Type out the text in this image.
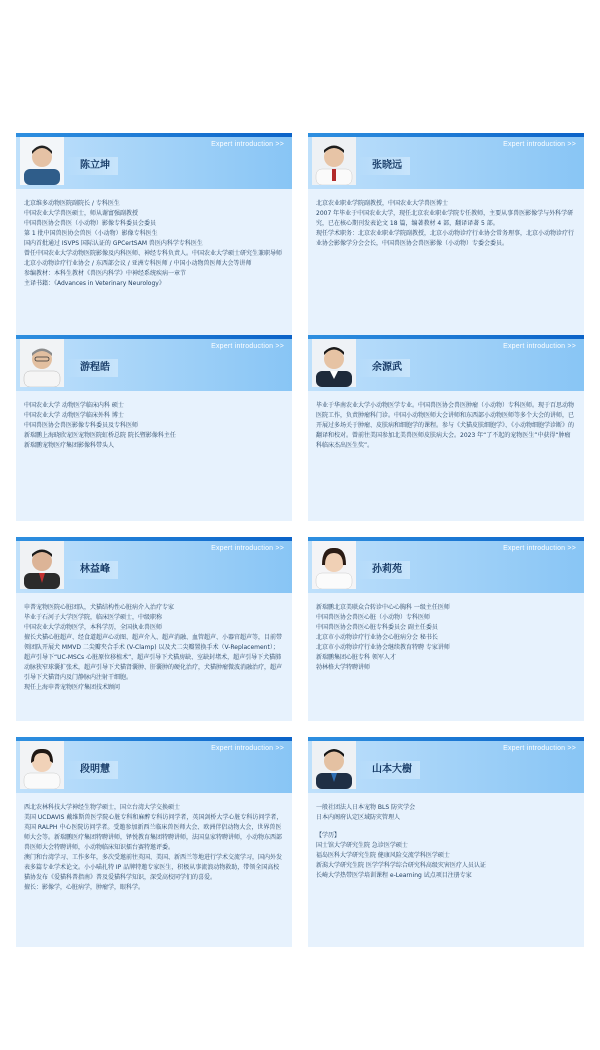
Expert introduction >>
陈立坤
北京维多动物医院副院长 / 专科医生
中国农业大学兽医硕士，师从谢富强副教授
中国兽医协会兽医（小动物）影像专科委员会委员
第 1 批中国兽医协会兽医（小动物）影像专科医生
国内首批通过 ISVPS 国际认证的 GPCertSAM 兽医内科学专科医生
曾任中国农业大学动物医院影像及内科医师、神经专科负责人。中国农业大学硕士研究生兼职导师北京小动物诊疗行业协会 / 东西部会议 / 亚洲专科医师 / 中国小动物兽医师大会等讲师
参编教材：本科生教材《兽医内科学》中神经系统疾病一章节
主译书籍：《Advances in Veterinary Neurology》
Expert introduction >>
张晓远
北京农业职业学院副教授，中国农业大学兽医博士
2007 年毕业于中国农业大学，现任北京农业职业学院专任教师，主要从事兽医影像学与外科学研究，已在核心期刊发表论文 18 篇，编著教材 4 部，翻译译著 5 部。
现任学术职务：北京农业职业学院副教授，北京小动物诊疗行业协会常务理事，北京小动物诊疗行业协会影像学分会会长，中国兽医协会兽医影像（小动物）专委会委员。
Expert introduction >>
游程皓
中国农业大学 动物医学临床内科 硕士
中国农业大学 动物医学临床外科 博士
中国兽医协会兽医影像专科委员及专科医师
新瑞鹏上海晓欣宠医宠物医院虹桥总院 院长暨影像科主任
新瑞鹏宠物医疗集团影像科带头人
Expert introduction >>
余源武
毕业于华南农业大学小动物医学专业。中国兽医协会兽医肿瘤（小动物）专科医师。现于百思动物医院工作，负责肿瘤科门诊。中国小动物医师大会讲师和东西部小动物医师等多个大会的讲师，已开展过多场关于肿瘤、皮肤病和细胞学的课程。参与《犬猫皮肤细胞学》、《小动物细胞学诊断》的翻译和校对。曾前往美国参加北美兽医师皮肤病大会。2023 年“了不起的宠物医生”中获得“肿瘤科临床杰出医生奖”。
Expert introduction >>
林益峰
申普宠物医院心脏团队，犬猫结构性心脏病介入治疗专家
毕业于石河子大学医学院，临床医学硕士，中级职称
中国农业大学动物医学，本科学历，全国执业兽医师
擅长犬猫心脏超声、经食道超声心动图、超声介入、超声消融、血管超声、小器官超声等，目前带领团队开展犬 MMVD 二尖瓣夹合手术 (V-Clamp) 以及犬二尖瓣置换手术（V-Replacement）；超声引导下“UC-MSCs 心脏原位移植术”，超声引导下犬猫房缺、室缺封堵术，超声引导下犬猫肺动脉狭窄球囊扩张术，超声引导下犬猫肾囊肿、肝囊肿的硬化治疗，犬猫肿瘤微波消融治疗，超声引导下犬猫肾内及门静脉内注射干细胞。
现任上海申普宠物医疗集团技术顾问
Expert introduction >>
孙莉苑
新瑞鹏北京美联众合转诊中心心胸科 一级主任医师
中国兽医协会兽医心脏（小动物）专科医师
中国兽医协会兽医心脏专科委员会 副主任委员
北京市小动物诊疗行业协会心脏病分会 秘书长
北京市小动物诊疗行业协会继续教育特聘 专家讲师
新瑞鹏集团心脏专科 领军人才
勃林格大学特聘讲师
Expert introduction >>
段明慧
西北农林科技大学神经生物学硕士，国立台湾大学交换硕士
美国 UCDAVIS 戴维斯兽医学院心脏专科和麻醉专科访问学者，英国剑桥大学心脏专科访问学者，英国 RALPH 中心医院访问学者。受邀参加新西兰临床兽医师大会、欧洲伴侣动物大会，世界兽医师大会等。新瑞鹏医疗集团特聘讲师，铎悦教育集团特聘讲师，法国皇家特聘讲师，小动物东西部兽医师大会特聘讲师，小动物临床知识擂台赛特邀评委。
澳门和台湾学习、工作多年，多次受邀前往英国、美国、新西兰等地进行学术交流学习，国内外发表多篇专业学术论文。小小喵扎特 IP 品牌特邀专家医生，积极从事流浪动物救助，带领全国高校猫协发布《爱猫科普指南》普及爱猫科学知识，深受高校同学们的喜爱。
擅长：影像学，心脏病学，肿瘤学，眼科学。
Expert introduction >>
山本大樹
一般社团法人日本宠物 BLS 防灾学会
日本内阁府认定区域防灾管理人
【学历】
国士馆大学研究生院 急诊医学硕士
福岛医科大学研究生院 健康风险交流学科医学硕士
新潟大学研究生院 医学学科学综合研究科高级灾害医疗人员认证
长崎大学热带医学培训课程 e-Learning 试点项目注册专家
